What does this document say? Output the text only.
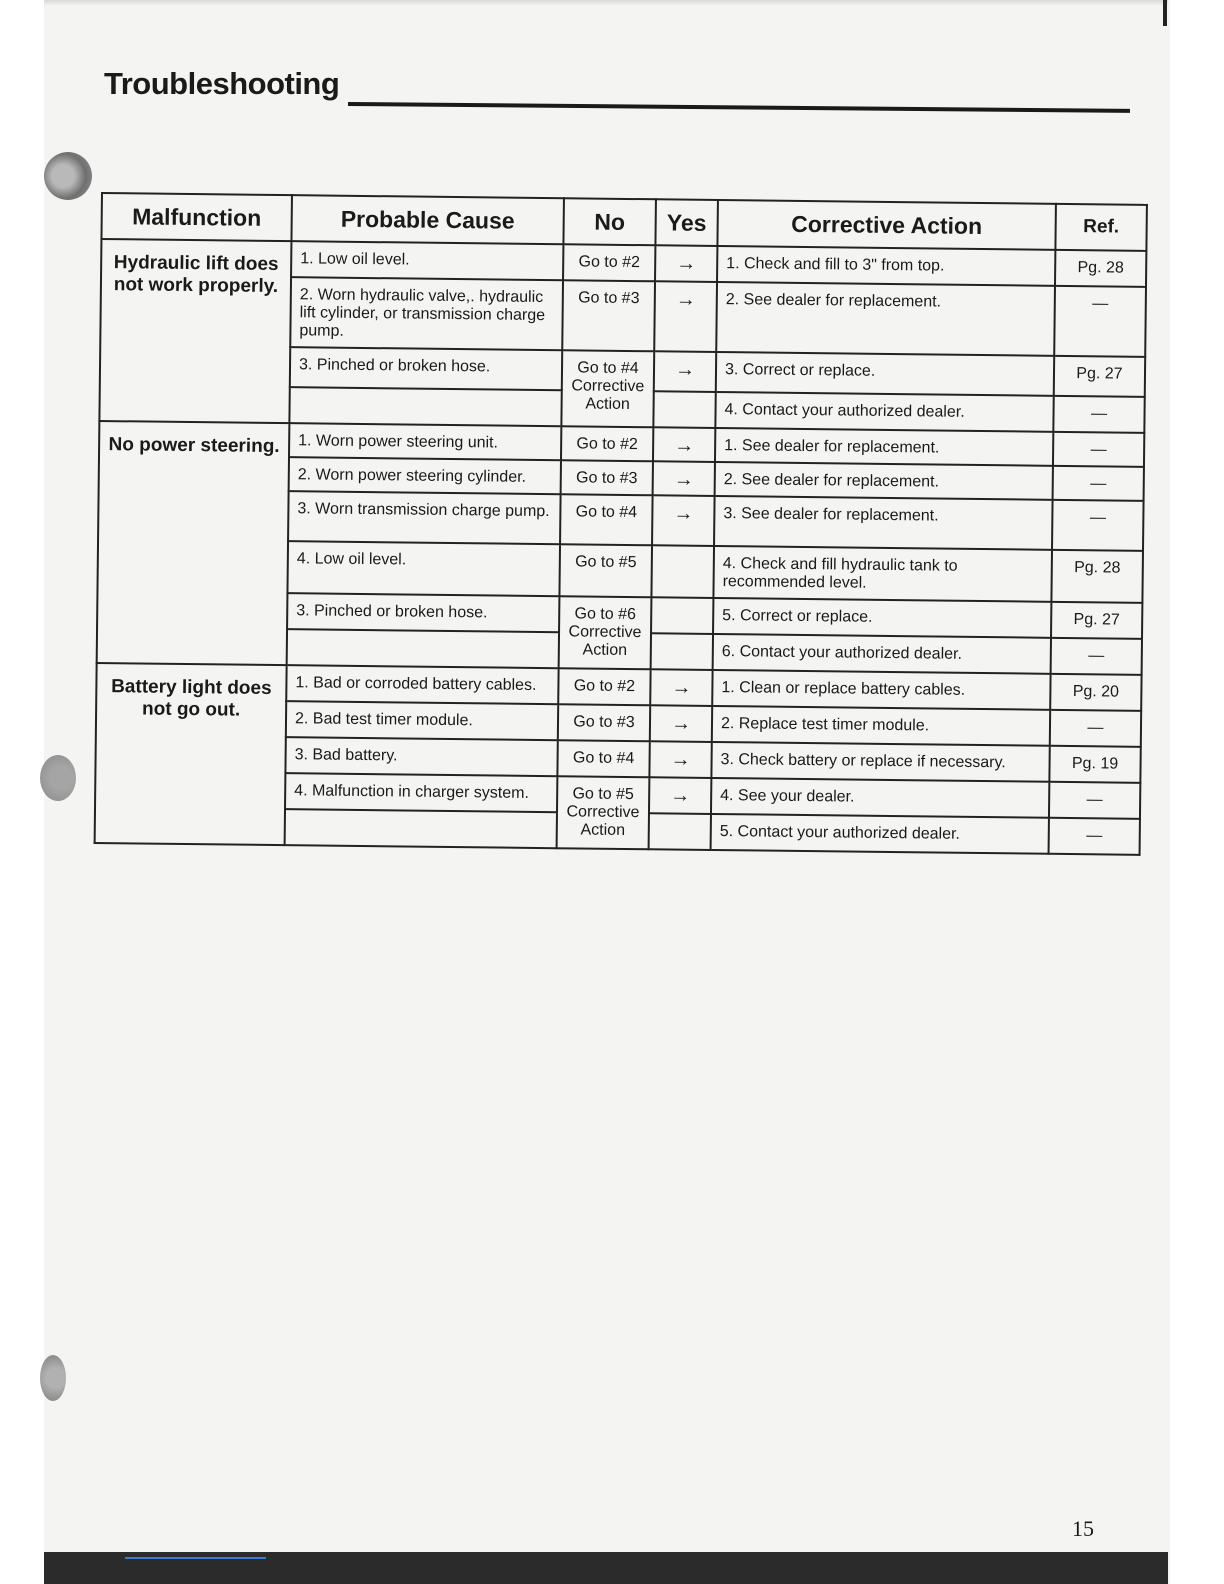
Troubleshooting
Malfunction	Probable Cause	No	Yes	Corrective Action	Ref.

Hydraulic lift does not work properly.	1. Low oil level.	Go to #2	→	1. Check and fill to 3" from top.	Pg. 28

	2. Worn hydraulic valve,. hydraulic lift cylinder, or transmission charge pump.	Go to #3	→	2. See dealer for replacement.	—

	3. Pinched or broken hose.	Go to #4 Corrective Action	→	3. Correct or replace.	Pg. 27

				4. Contact your authorized dealer.	—

No power steering.	1. Worn power steering unit.	Go to #2	→	1. See dealer for replacement.	—

	2. Worn power steering cylinder.	Go to #3	→	2. See dealer for replacement.	—

	3. Worn transmission charge pump.	Go to #4	→	3. See dealer for replacement.	—

	4. Low oil level.	Go to #5		4. Check and fill hydraulic tank to recommended level.	Pg. 28

	3. Pinched or broken hose.	Go to #6 Corrective Action		5. Correct or replace.	Pg. 27

				6. Contact your authorized dealer.	—

Battery light does not go out.	1. Bad or corroded battery cables.	Go to #2	→	1. Clean or replace battery cables.	Pg. 20

	2. Bad test timer module.	Go to #3	→	2. Replace test timer module.	—

	3. Bad battery.	Go to #4	→	3. Check battery or replace if necessary.	Pg. 19

	4. Malfunction in charger system.	Go to #5 Corrective Action	→	4. See your dealer.	—

				5. Contact your authorized dealer.	—
15
